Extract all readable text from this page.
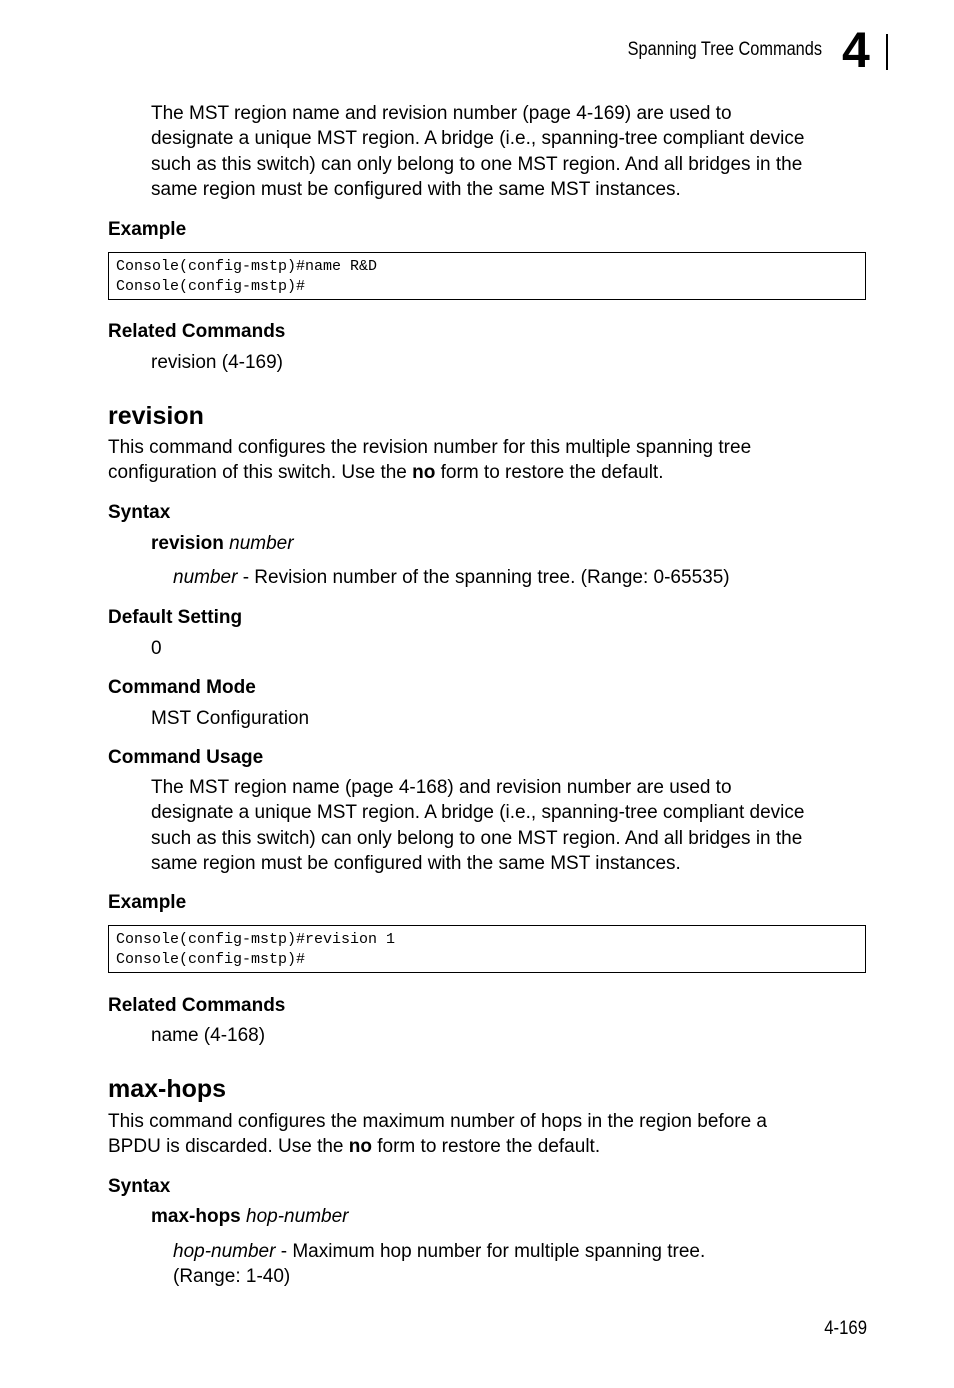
Spanning Tree Commands 4
The MST region name and revision number (page 4-169) are used to
designate a unique MST region. A bridge (i.e., spanning-tree compliant device
such as this switch) can only belong to one MST region. And all bridges in the
same region must be configured with the same MST instances.
Example
Console(config-mstp)#name R&D
Console(config-mstp)#
Related Commands
revision (4-169)
revision
This command configures the revision number for this multiple spanning tree
configuration of this switch. Use the no form to restore the default.
Syntax
revision number
number - Revision number of the spanning tree. (Range: 0-65535)
Default Setting
0
Command Mode
MST Configuration
Command Usage
The MST region name (page 4-168) and revision number are used to
designate a unique MST region. A bridge (i.e., spanning-tree compliant device
such as this switch) can only belong to one MST region. And all bridges in the
same region must be configured with the same MST instances.
Example
Console(config-mstp)#revision 1
Console(config-mstp)#
Related Commands
name (4-168)
max-hops
This command configures the maximum number of hops in the region before a
BPDU is discarded. Use the no form to restore the default.
Syntax
max-hops hop-number
hop-number - Maximum hop number for multiple spanning tree.
(Range: 1-40)
4-169
